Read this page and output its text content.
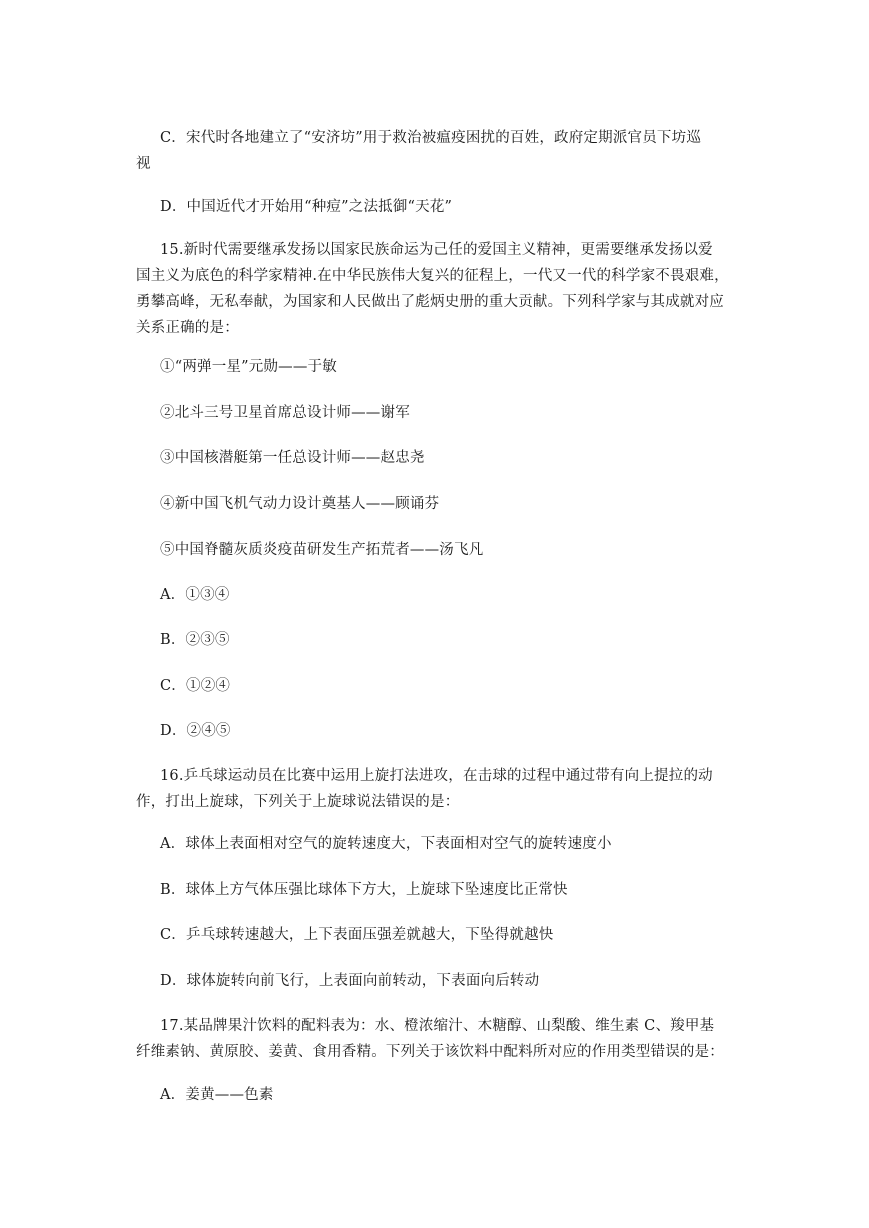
C．宋代时各地建立了“安济坊”用于救治被瘟疫困扰的百姓，政府定期派官员下坊巡
视
D．中国近代才开始用“种痘”之法抵御“天花”
15.新时代需要继承发扬以国家民族命运为己任的爱国主义精神，更需要继承发扬以爱
国主义为底色的科学家精神.在中华民族伟大复兴的征程上，一代又一代的科学家不畏艰难，
勇攀高峰，无私奉献，为国家和人民做出了彪炳史册的重大贡献。下列科学家与其成就对应
关系正确的是：
①“两弹一星”元勋——于敏
②北斗三号卫星首席总设计师——谢军
③中国核潜艇第一任总设计师——赵忠尧
④新中国飞机气动力设计奠基人——顾诵芬
⑤中国脊髓灰质炎疫苗研发生产拓荒者——汤飞凡
A．①③④
B．②③⑤
C．①②④
D．②④⑤
16.乒乓球运动员在比赛中运用上旋打法进攻，在击球的过程中通过带有向上提拉的动
作，打出上旋球，下列关于上旋球说法错误的是：
A．球体上表面相对空气的旋转速度大，下表面相对空气的旋转速度小
B．球体上方气体压强比球体下方大，上旋球下坠速度比正常快
C．乒乓球转速越大，上下表面压强差就越大，下坠得就越快
D．球体旋转向前飞行，上表面向前转动，下表面向后转动
17.某品牌果汁饮料的配料表为：水、橙浓缩汁、木糖醇、山梨酸、维生素 C、羧甲基
纤维素钠、黄原胶、姜黄、食用香精。下列关于该饮料中配料所对应的作用类型错误的是：
A．姜黄——色素
